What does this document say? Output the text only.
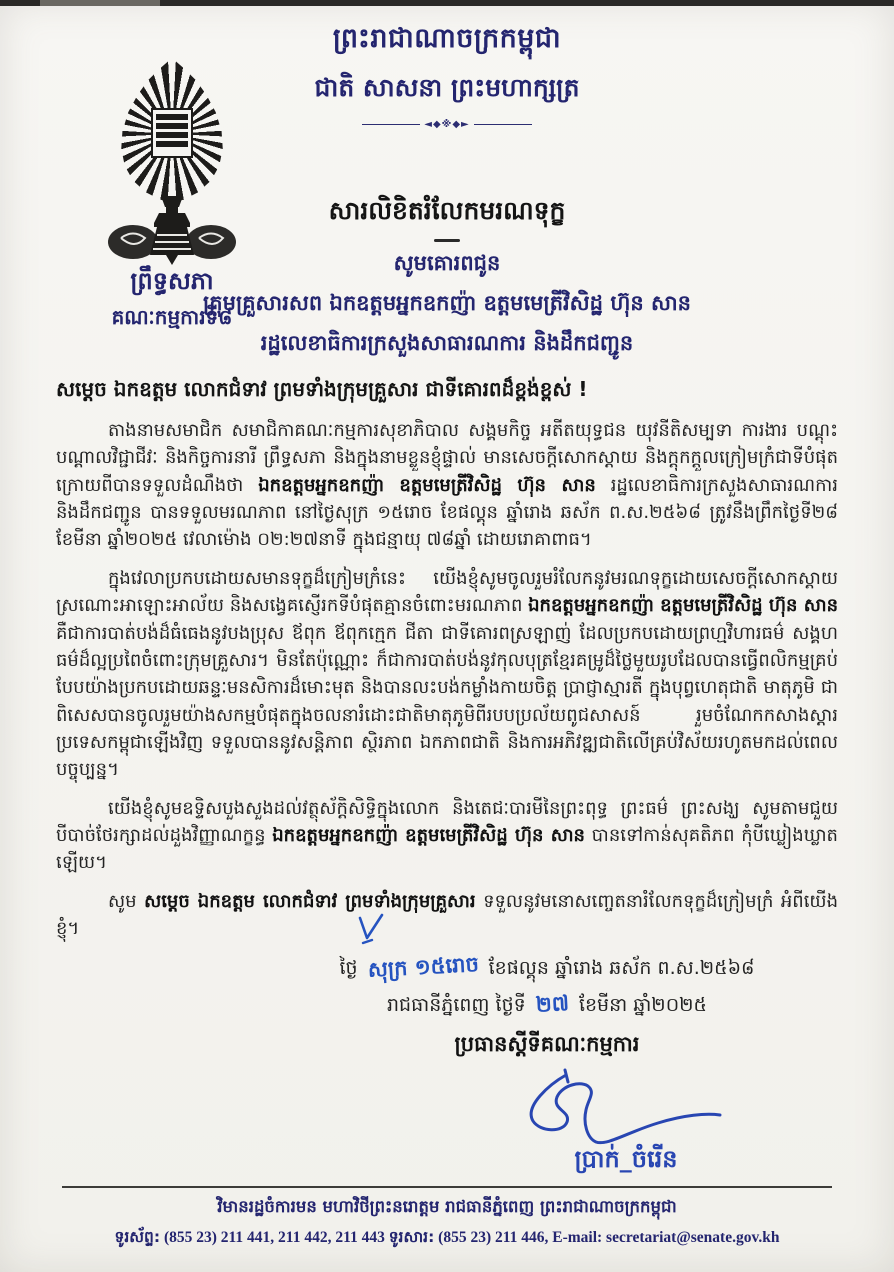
ព្រះរាជាណាចក្រកម្ពុជា
ជាតិ សាសនា ព្រះមហាក្សត្រ
◄◆※◆►
ព្រឹទ្ធសភា
គណៈកម្មការទី៨
សារលិខិតរំលែកមរណទុក្ខ
សូមគោរពជូន
ក្រុមគ្រួសារសព ឯកឧត្តមអ្នកឧកញ៉ា ឧត្តមមេត្រីវិសិដ្ឋ ហ៊ុន សាន
រដ្ឋលេខាធិការក្រសួងសាធារណការ និងដឹកជញ្ជូន
សម្តេច ឯកឧត្តម លោកជំទាវ ព្រមទាំងក្រុមគ្រួសារ ជាទីគោរពដ៏ខ្ពង់ខ្ពស់ !
តាងនាមសមាជិក សមាជិកាគណៈកម្មការសុខាភិបាល សង្គមកិច្ច អតីតយុទ្ធជន យុវនីតិសម្បទា ការងារ បណ្តុះបណ្តាលវិជ្ជាជីវៈ និងកិច្ចការនារី ព្រឹទ្ធសភា និងក្នុងនាមខ្លួនខ្ញុំផ្ទាល់ មានសេចក្តីសោកស្តាយ និងក្តុកក្តួលក្រៀមក្រំជាទីបំផុត ក្រោយពីបានទទួលដំណឹងថា ឯកឧត្តមអ្នកឧកញ៉ា ឧត្តមមេត្រីវិសិដ្ឋ ហ៊ុន សាន រដ្ឋលេខាធិការក្រសួងសាធារណការ និងដឹកជញ្ជូន បានទទួលមរណភាព នៅថ្ងៃសុក្រ ១៥រោច ខែផល្គុន ឆ្នាំរោង ឆស័ក ព.ស.២៥៦៨ ត្រូវនឹងព្រឹកថ្ងៃទី២៨ ខែមីនា ឆ្នាំ២០២៥ វេលាម៉ោង ០២:២៧នាទី ក្នុងជន្មាយុ ៧៨ឆ្នាំ ដោយរោគាពាធ។
ក្នុងវេលាប្រកបដោយសមានទុក្ខដ៏ក្រៀមក្រំនេះ យើងខ្ញុំសូមចូលរួមរំលែកនូវមរណទុក្ខដោយសេចក្តីសោកស្តាយស្រណោះអាឡោះអាល័យ និងសង្វេគស្ញើរកទីបំផុតគ្មានចំពោះមរណភាព ឯកឧត្តមអ្នកឧកញ៉ា ឧត្តមមេត្រីវិសិដ្ឋ ហ៊ុន សាន គឺជាការបាត់បង់ដ៏ធំធេងនូវបងប្រុស ឪពុក ឪពុកក្មេក ជីតា ជាទីគោរពស្រឡាញ់ ដែលប្រកបដោយព្រហ្មវិហារធម៌ សង្គហធម៌ដ៏ល្អប្រពៃចំពោះក្រុមគ្រួសារ។ មិនតែប៉ុណ្ណោះ ក៏ជាការបាត់បង់នូវកុលបុត្រខ្មែរគម្រូដ៏ថ្លៃមួយរូបដែលបានធ្វើពលិកម្មគ្រប់បែបយ៉ាងប្រកបដោយឆន្ទៈមនសិការដ៏មោះមុត និងបានលះបង់កម្លាំងកាយចិត្ត ប្រាជ្ញាស្មារតី ក្នុងបុព្វហេតុជាតិ មាតុភូមិ ជាពិសេសបានចូលរួមយ៉ាងសកម្មបំផុតក្នុងចលនារំដោះជាតិមាតុភូមិពីរបបប្រល័យពូជសាសន៍ រួមចំណែកកសាងស្តារប្រទេសកម្ពុជាឡើងវិញ ទទួលបាននូវសន្តិភាព ស្ថិរភាព ឯកភាពជាតិ និងការអភិវឌ្ឍជាតិលើគ្រប់វិស័យរហូតមកដល់ពេលបច្ចុប្បន្ន។
យើងខ្ញុំសូមឧទ្ទិសបួងសួងដល់វត្ថុស័ក្តិសិទ្ធិក្នុងលោក និងតេជៈបារមីនៃព្រះពុទ្ធ ព្រះធម៌ ព្រះសង្ឃ សូមតាមជួយបីបាច់ថែរក្សាដល់ដួងវិញ្ញាណក្ខន្ធ ឯកឧត្តមអ្នកឧកញ៉ា ឧត្តមមេត្រីវិសិដ្ឋ ហ៊ុន សាន បានទៅកាន់សុគតិភព កុំបីឃ្លៀងឃ្លាតឡើយ។
សូម សម្តេច ឯកឧត្តម លោកជំទាវ ព្រមទាំងក្រុមគ្រួសារ ទទួលនូវមនោសញ្ចេតនារំលែកទុក្ខដ៏ក្រៀមក្រំ អំពីយើងខ្ញុំ។
ថ្ងៃ សុក្រ ១៥រោច ខែផល្គុន ឆ្នាំរោង ឆស័ក ព.ស.២៥៦៨
រាជធានីភ្នំពេញ ថ្ងៃទី ២៧ ខែមីនា ឆ្នាំ២០២៥
ប្រធានស្តីទីគណៈកម្មការ
ប្រាក់_ចំរើន
វិមានរដ្ឋចំការមន មហាវិថីព្រះនរោត្តម រាជធានីភ្នំពេញ ព្រះរាជាណាចក្រកម្ពុជា
ទូរស័ព្ទ: (855 23) 211 441, 211 442, 211 443 ទូរសារ: (855 23) 211 446, E-mail: secretariat@senate.gov.kh
